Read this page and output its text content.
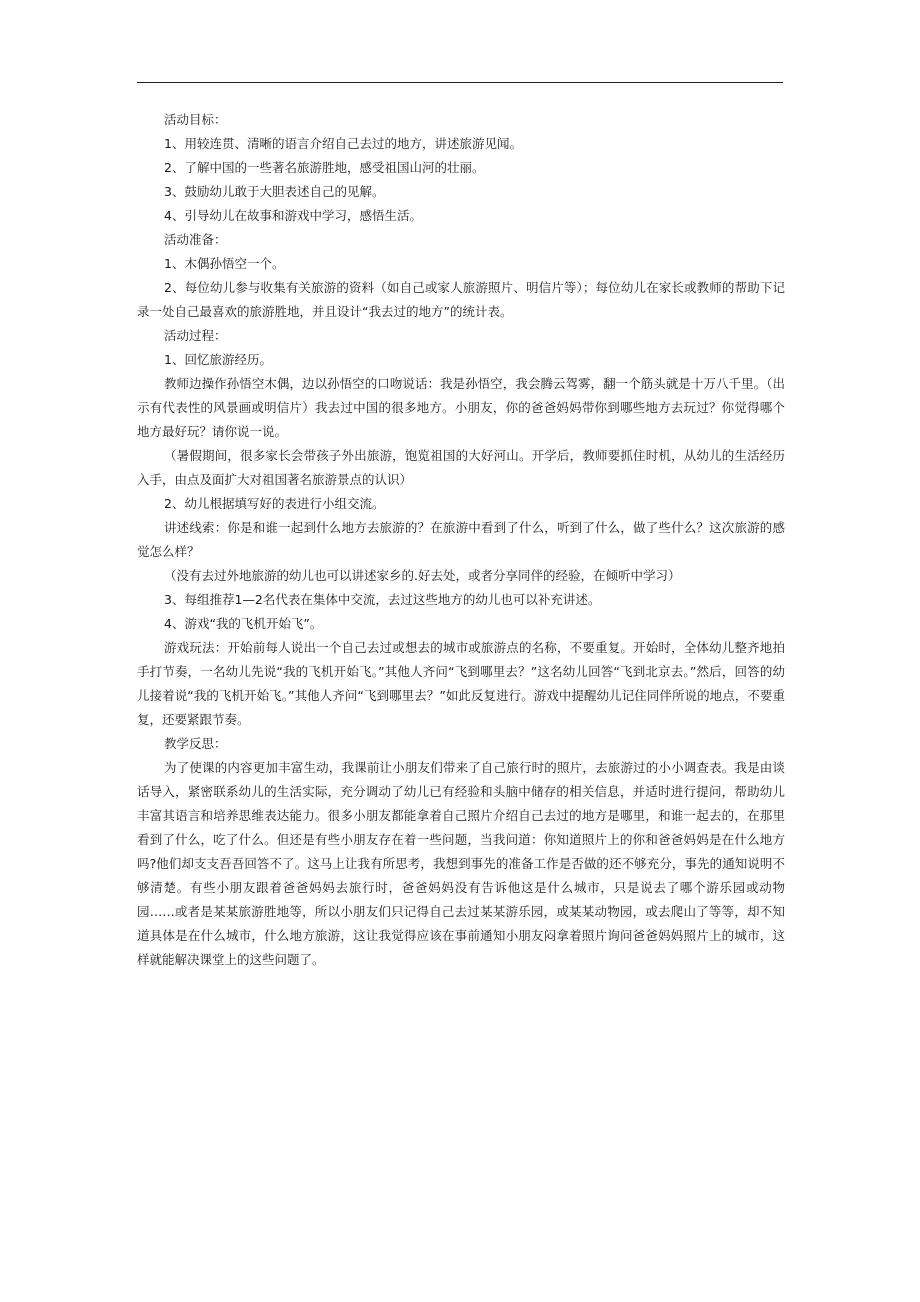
活动目标：

1、用较连贯、清晰的语言介绍自己去过的地方，讲述旅游见闻。

2、了解中国的一些著名旅游胜地，感受祖国山河的壮丽。

3、鼓励幼儿敢于大胆表述自己的见解。

4、引导幼儿在故事和游戏中学习，感悟生活。

活动准备：

1、木偶孙悟空一个。

2、每位幼儿参与收集有关旅游的资料（如自己或家人旅游照片、明信片等）；每位幼儿在家长或教师的帮助下记录一处自己最喜欢的旅游胜地，并且设计“我去过的地方”的统计表。

活动过程：

1、回忆旅游经历。

教师边操作孙悟空木偶，边以孙悟空的口吻说话：我是孙悟空，我会腾云驾雾，翻一个筋头就是十万八千里。（出示有代表性的风景画或明信片）我去过中国的很多地方。小朋友，你的爸爸妈妈带你到哪些地方去玩过？你觉得哪个地方最好玩？请你说一说。

（暑假期间，很多家长会带孩子外出旅游，饱览祖国的大好河山。开学后，教师要抓住时机，从幼儿的生活经历入手，由点及面扩大对祖国著名旅游景点的认识）

2、幼儿根据填写好的表进行小组交流。

讲述线索：你是和谁一起到什么地方去旅游的？在旅游中看到了什么，听到了什么，做了些什么？这次旅游的感觉怎么样？

（没有去过外地旅游的幼儿也可以讲述家乡的.好去处，或者分享同伴的经验，在倾听中学习）

3、每组推荐1—2名代表在集体中交流，去过这些地方的幼儿也可以补充讲述。

4、游戏“我的飞机开始飞”。

游戏玩法：开始前每人说出一个自己去过或想去的城市或旅游点的名称，不要重复。开始时，全体幼儿整齐地拍手打节奏，一名幼儿先说“我的飞机开始飞。”其他人齐问“飞到哪里去？”这名幼儿回答“飞到北京去。”然后，回答的幼儿接着说“我的飞机开始飞。”其他人齐问“飞到哪里去？”如此反复进行。游戏中提醒幼儿记住同伴所说的地点，不要重复，还要紧跟节奏。

教学反思：

为了使课的内容更加丰富生动，我课前让小朋友们带来了自己旅行时的照片，去旅游过的小小调查表。我是由谈话导入，紧密联系幼儿的生活实际，充分调动了幼儿已有经验和头脑中储存的相关信息，并适时进行提问，帮助幼儿丰富其语言和培养思维表达能力。很多小朋友都能拿着自己照片介绍自己去过的地方是哪里，和谁一起去的，在那里看到了什么，吃了什么。但还是有些小朋友存在着一些问题，当我问道：你知道照片上的你和爸爸妈妈是在什么地方吗?他们却支支吾吾回答不了。这马上让我有所思考，我想到事先的准备工作是否做的还不够充分，事先的通知说明不够清楚。有些小朋友跟着爸爸妈妈去旅行时，爸爸妈妈没有告诉他这是什么城市，只是说去了哪个游乐园或动物园……或者是某某旅游胜地等，所以小朋友们只记得自己去过某某游乐园，或某某动物园，或去爬山了等等，却不知道具体是在什么城市，什么地方旅游，这让我觉得应该在事前通知小朋友闷拿着照片询问爸爸妈妈照片上的城市，这样就能解决课堂上的这些问题了。
